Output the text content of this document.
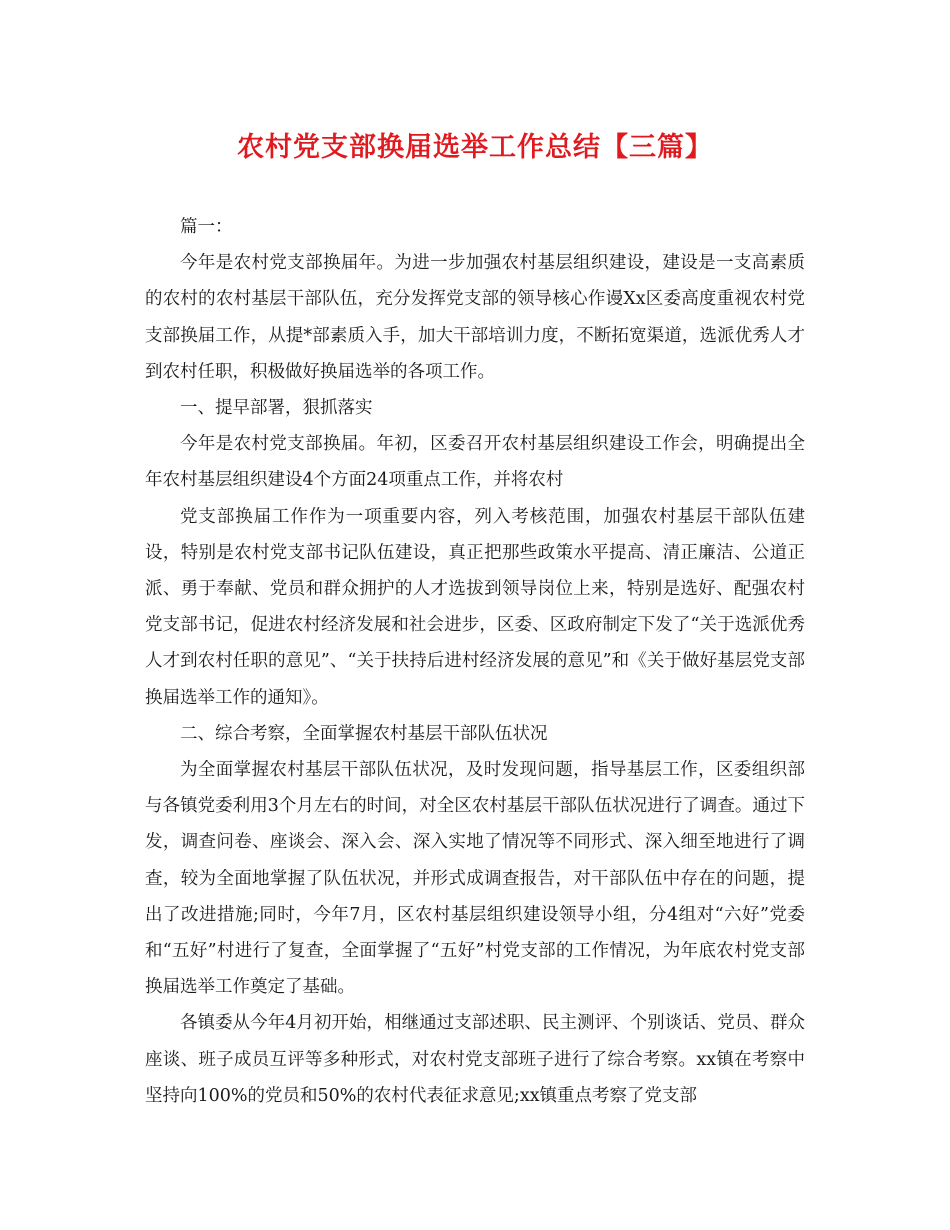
农村党支部换届选举工作总结【三篇】

篇一：

今年是农村党支部换届年。为进一步加强农村基层组织建设，建设是一支高素质的农村的农村基层干部队伍，充分发挥党支部的领导核心作谩Xx区委高度重视农村党支部换届工作，从提*部素质入手，加大干部培训力度，不断拓宽渠道，选派优秀人才到农村任职，积极做好换届选举的各项工作。

一、提早部署，狠抓落实

今年是农村党支部换届。年初，区委召开农村基层组织建设工作会，明确提出全年农村基层组织建设4个方面24项重点工作，并将农村

党支部换届工作作为一项重要内容，列入考核范围，加强农村基层干部队伍建设，特别是农村党支部书记队伍建设，真正把那些政策水平提高、清正廉洁、公道正派、勇于奉献、党员和群众拥护的人才选拔到领导岗位上来，特别是选好、配强农村党支部书记，促进农村经济发展和社会进步，区委、区政府制定下发了“关于选派优秀人才到农村任职的意见”、“关于扶持后进村经济发展的意见”和《关于做好基层党支部换届选举工作的通知》。

二、综合考察，全面掌握农村基层干部队伍状况

为全面掌握农村基层干部队伍状况，及时发现问题，指导基层工作，区委组织部与各镇党委利用3个月左右的时间，对全区农村基层干部队伍状况进行了调查。通过下发，调查问卷、座谈会、深入会、深入实地了情况等不同形式、深入细至地进行了调查，较为全面地掌握了队伍状况，并形式成调查报告，对干部队伍中存在的问题，提出了改进措施;同时，今年7月，区农村基层组织建设领导小组，分4组对“六好”党委和“五好”村进行了复查，全面掌握了“五好”村党支部的工作情况，为年底农村党支部换届选举工作奠定了基础。

各镇委从今年4月初开始，相继通过支部述职、民主测评、个别谈话、党员、群众座谈、班子成员互评等多种形式，对农村党支部班子进行了综合考察。xx镇在考察中坚持向100%的党员和50%的农村代表征求意见;xx镇重点考察了党支部
